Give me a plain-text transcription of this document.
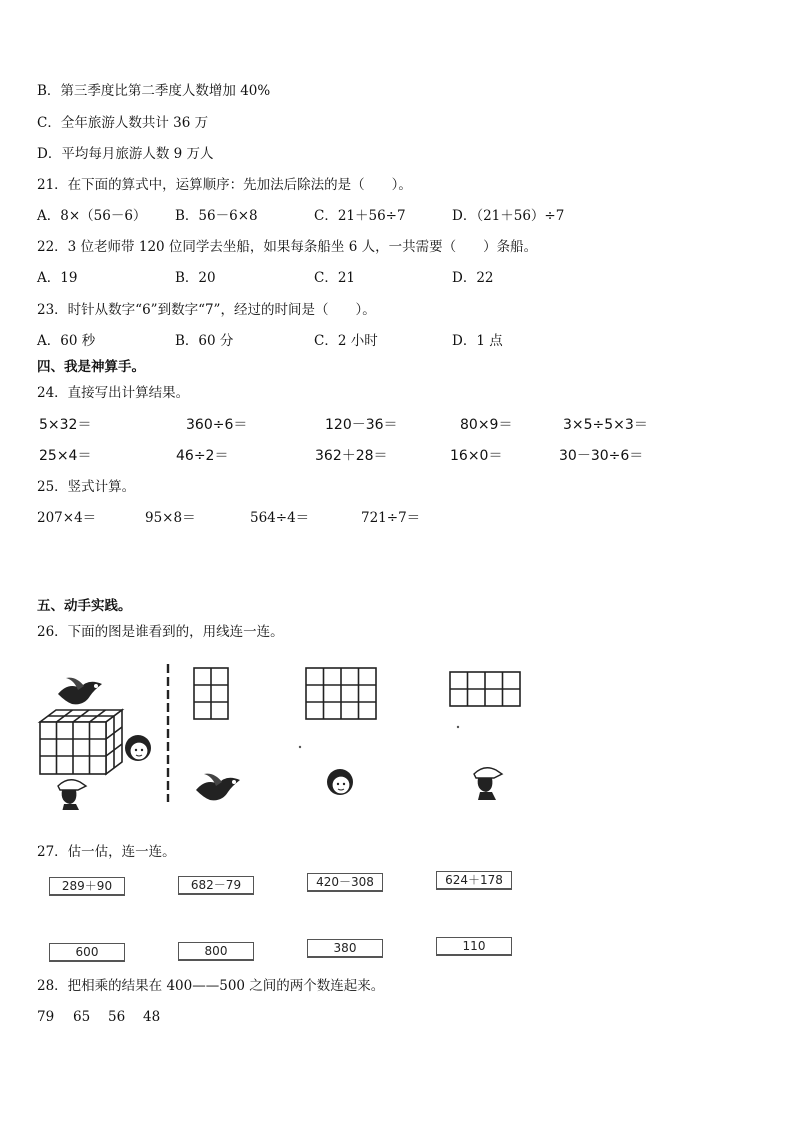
B．第三季度比第二季度人数增加 40%
C．全年旅游人数共计 36 万
D．平均每月旅游人数 9 万人
21．在下面的算式中，运算顺序：先加法后除法的是（　　）。
A．8×（56－6） B．56－6×8	C．21＋56÷7	D．（21＋56）÷7
22．3 位老师带 120 位同学去坐船，如果每条船坐 6 人，一共需要（　　）条船。
A．19	B．20	C．21	D．22
23．时针从数字“6”到数字“7”，经过的时间是（　　）。
A．60 秒	B．60 分	C．2 小时	D．1 点
四、我是神算手。
24．直接写出计算结果。
5×32＝	360÷6＝	120－36＝	80×9＝	3×5÷5×3＝
25×4＝	46÷2＝	362＋28＝	16×0＝	30－30÷6＝
25．竖式计算。
207×4＝	95×8＝	564÷4＝	721÷7＝
五、动手实践。
26．下面的图是谁看到的，用线连一连。
27．估一估，连一连。
289＋90	682－79	420－308	624＋178
600	800	380	110
28．把相乘的结果在 400——500 之间的两个数连起来。
79 65 56 48
